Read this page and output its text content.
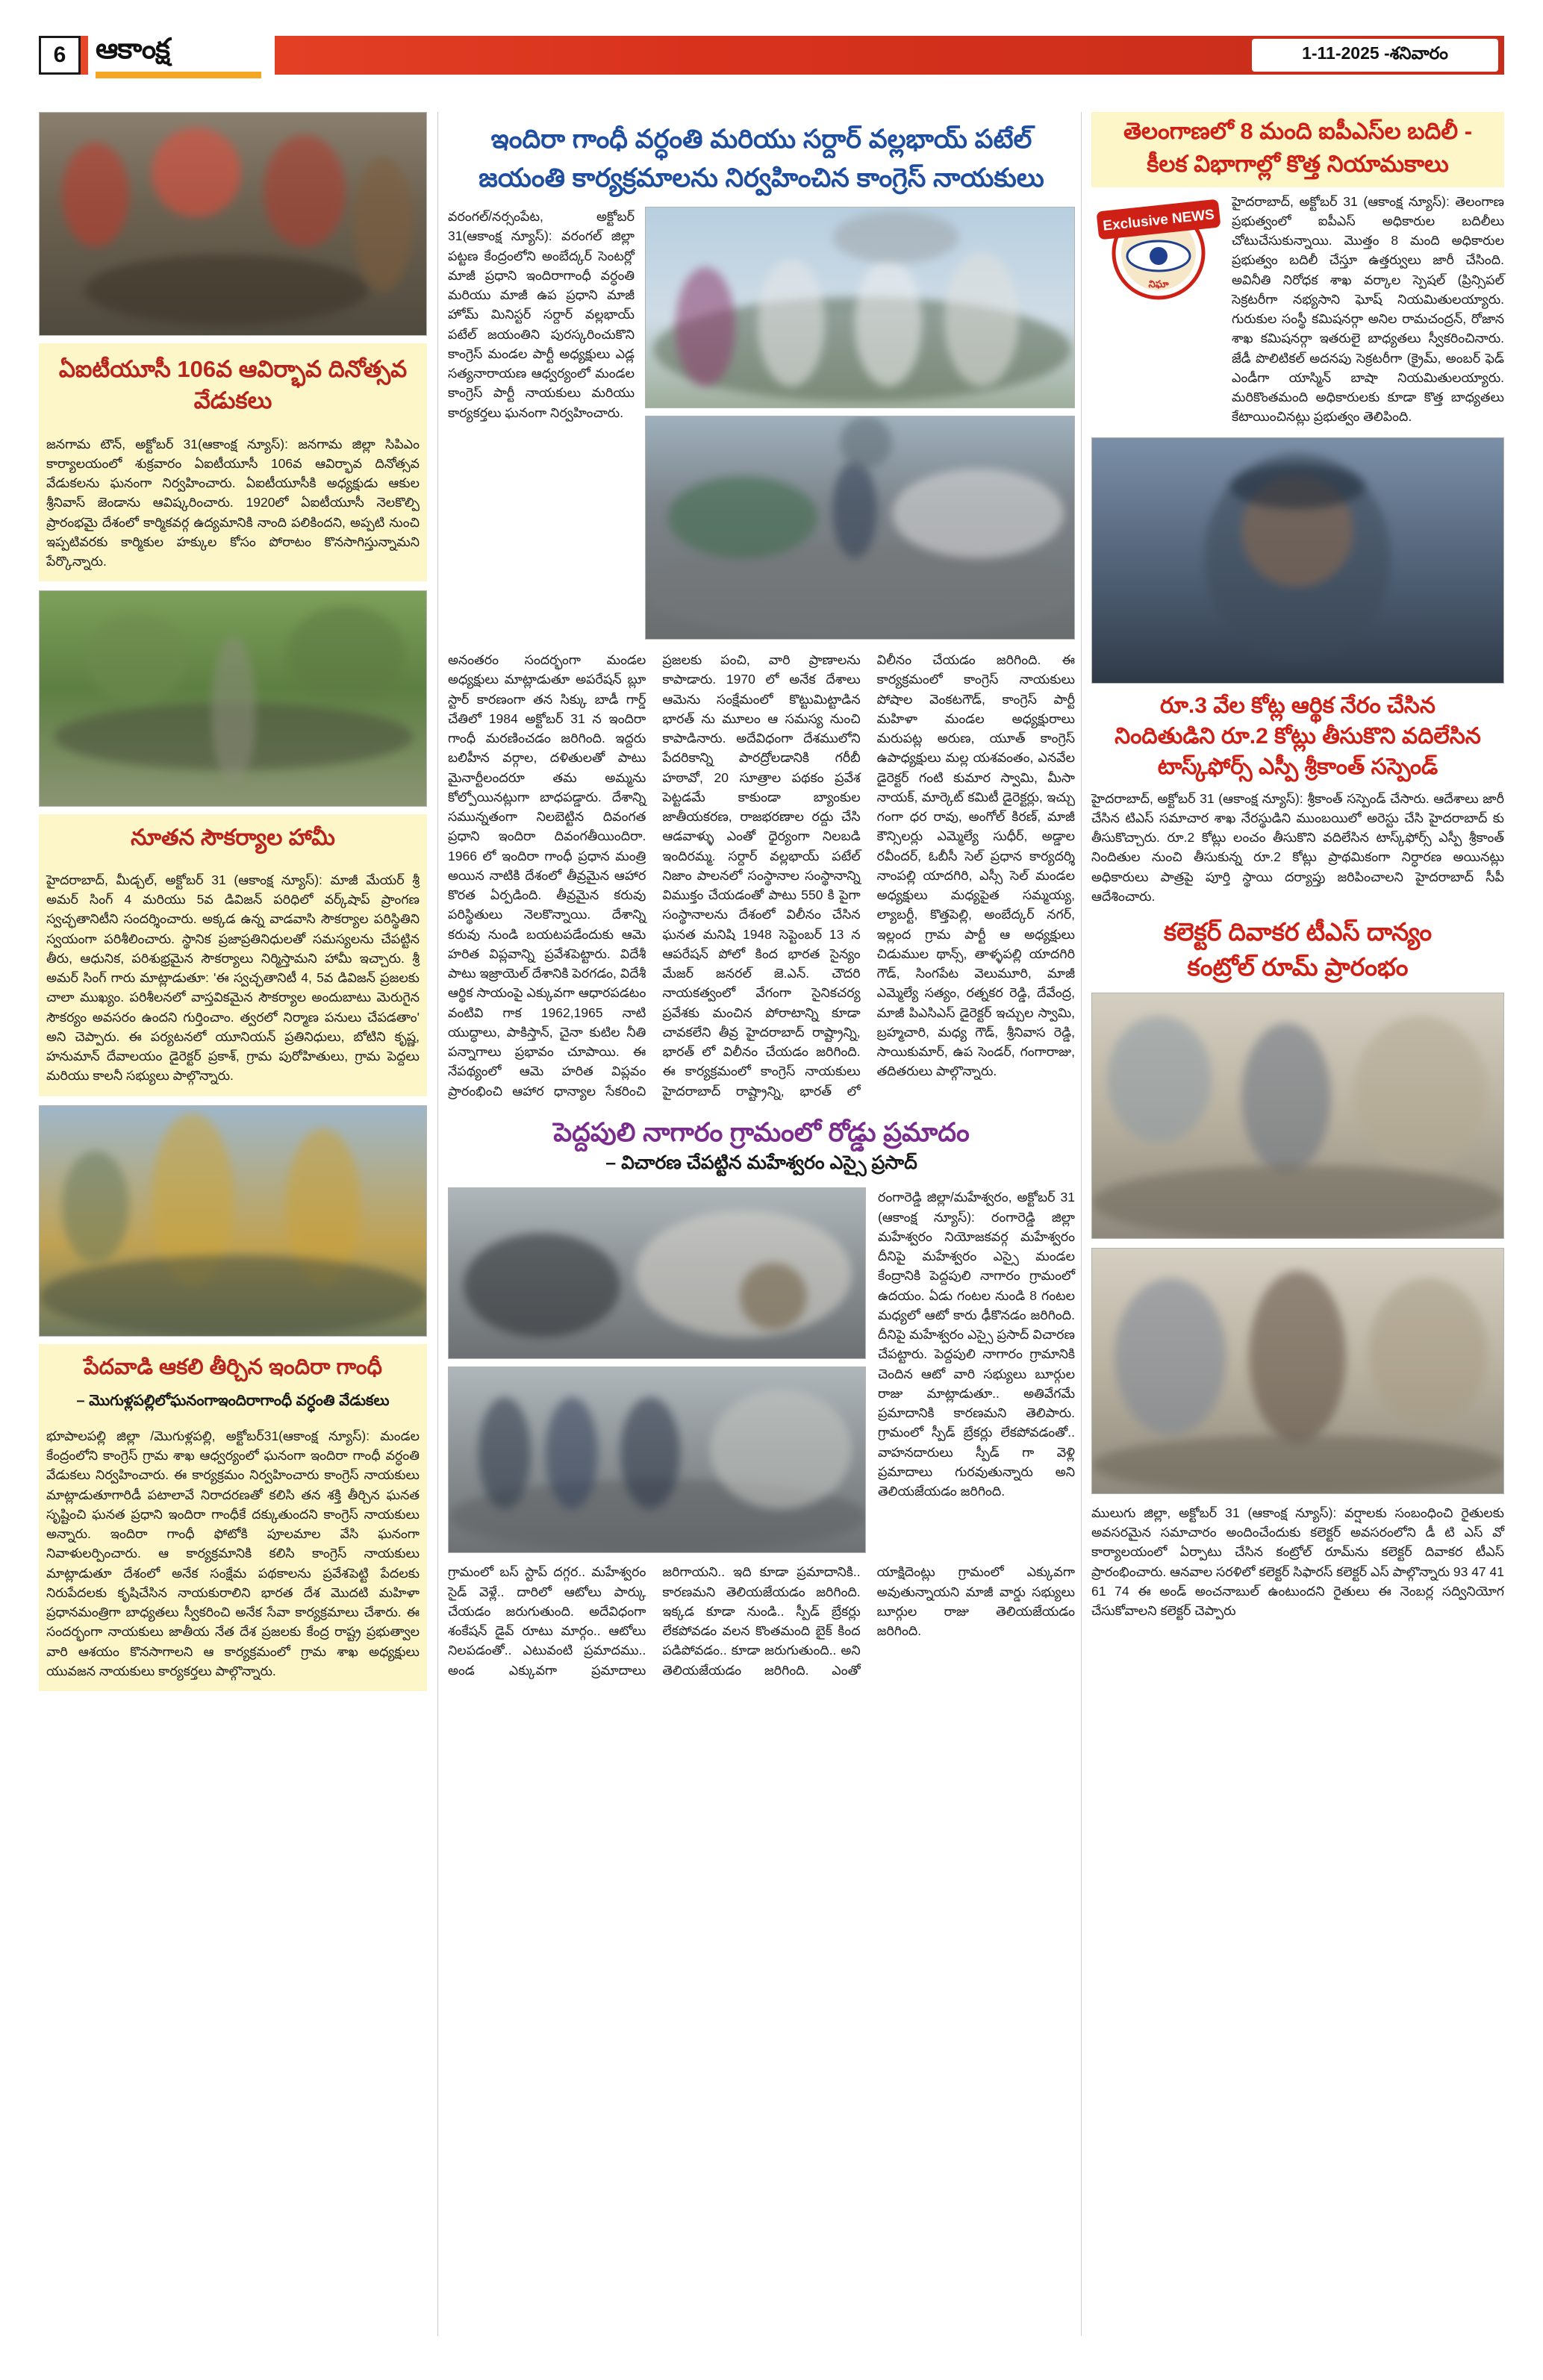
6	ఆకాంక్ష	1-11-2025 -శనివారం
ఏఐటీయూసీ 106వ ఆవిర్భావ దినోత్సవ వేడుకలు
జనగామ టౌన్, అక్టోబర్ 31(ఆకాంక్ష న్యూస్): జనగామ జిల్లా సిపిఎం కార్యాలయంలో శుక్రవారం ఏఐటీయూసీ 106వ ఆవిర్భావ దినోత్సవ వేడుకలను ఘనంగా నిర్వహించారు. ఏఐటీయూసీకి అధ్యక్షుడు ఆకుల శ్రీనివాస్ జెండాను ఆవిష్కరించారు. 1920లో ఏఐటీయూసీ నెలకొల్పి ప్రారంభమై దేశంలో కార్మికవర్గ ఉద్యమానికి నాంది పలికిందని, అప్పటి నుంచి ఇప్పటివరకు కార్మికుల హక్కుల కోసం పోరాటం కొనసాగిస్తున్నామని పేర్కొన్నారు.
నూతన సౌకర్యాల హామీ
హైదరాబాద్, మీడ్చల్, అక్టోబర్ 31 (ఆకాంక్ష న్యూస్): మాజీ మేయర్ శ్రీ అమర్ సింగ్ 4 మరియు 5వ డివిజన్ పరిధిలో వర్క్‌షాప్ ప్రాంగణ స్వచ్ఛతానిటీని సందర్శించారు. అక్కడ ఉన్న వాడవాసి సౌకర్యాల పరిస్థితిని స్వయంగా పరిశీలించారు. స్థానిక ప్రజాప్రతినిధులతో సమస్యలను చేపట్టిన తీరు, ఆధునిక, పరిశుభ్రమైన సౌకర్యాలు నిర్మిస్తామని హామీ ఇచ్చారు. శ్రీ అమర్ సింగ్ గారు మాట్లాడుతూ: 'ఈ స్వచ్ఛతానిటీ 4, 5వ డివిజన్ ప్రజలకు చాలా ముఖ్యం. పరిశీలనలో వాస్తవికమైన సౌకర్యాల అందుబాటు మెరుగైన సౌకర్యం అవసరం ఉందని గుర్తించాం. త్వరలో నిర్మాణ పనులు చేపడతాం' అని చెప్పారు. ఈ పర్యటనలో యూనియన్ ప్రతినిధులు, బోటిని కృష్ణ, హనుమాన్ దేవాలయం డైరెక్టర్ ప్రకాశ్, గ్రామ పురోహితులు, గ్రామ పెద్దలు మరియు కాలనీ సభ్యులు పాల్గొన్నారు.
పేదవాడి ఆకలి తీర్చిన ఇందిరా గాంధీ
– మొగుళ్లపల్లిలోఘనంగాఇందిరాగాంధీ వర్ధంతి వేడుకలు
భూపాలపల్లి జిల్లా /మొగుళ్లపల్లి, అక్టోబర్31(ఆకాంక్ష న్యూస్): మండల కేంద్రంలోని కాంగ్రెస్ గ్రామ శాఖ ఆధ్వర్యంలో ఘనంగా ఇందిరా గాంధీ వర్ధంతి వేడుకలు నిర్వహించారు. ఈ కార్యక్రమం నిర్వహించారు కాంగ్రెస్ నాయకులు మాట్లాడుతూగారిడీ పటాలావే నిరాదరణతో కలిసి తన శక్తి తీర్చిన ఘనత సృష్టించి ఘనత ప్రధాని ఇందిరా గాంధీకే దక్కుతుందని కాంగ్రెస్ నాయకులు అన్నారు. ఇందిరా గాంధీ ఫోటోకి పూలమాల వేసి ఘనంగా నివాళులర్పించారు. ఆ కార్యక్రమానికి కలిసి కాంగ్రెస్ నాయకులు మాట్లాడుతూ దేశంలో అనేక సంక్షేమ పథకాలను ప్రవేశపెట్టి పేదలకు నిరుపేదలకు కృషిచేసిన నాయకురాలిని భారత దేశ మొదటి మహిళా ప్రధానమంత్రిగా బాధ్యతలు స్వీకరించి అనేక సేవా కార్యక్రమాలు చేశారు. ఈ సందర్భంగా నాయకులు జాతీయ నేత దేశ ప్రజలకు కేంద్ర రాష్ట్ర ప్రభుత్వాల వారి ఆశయం కొనసాగాలని ఆ కార్యక్రమంలో గ్రామ శాఖ అధ్యక్షులు యువజన నాయకులు కార్యకర్తలు పాల్గొన్నారు.
ఇందిరా గాంధీ వర్ధంతి మరియు సర్దార్ వల్లభాయ్ పటేల్
జయంతి కార్యక్రమాలను నిర్వహించిన కాంగ్రెస్ నాయకులు
వరంగల్/నర్సంపేట, అక్టోబర్ 31(ఆకాంక్ష న్యూస్): వరంగల్ జిల్లా పట్టణ కేంద్రంలోని అంబేద్కర్ సెంటర్లో మాజీ ప్రధాని ఇందిరాగాంధీ వర్ధంతి మరియు మాజీ ఉప ప్రధాని మాజీ హోమ్ మినిస్టర్ సర్దార్ వల్లభాయ్ పటేల్ జయంతిని పురస్కరించుకొని కాంగ్రెస్ మండల పార్టీ అధ్యక్షులు ఎడ్ల సత్యనారాయణ ఆధ్వర్యంలో మండల కాంగ్రెస్ పార్టీ నాయకులు మరియు కార్యకర్తలు ఘనంగా నిర్వహించారు.
అనంతరం సందర్భంగా మండల అధ్యక్షులు మాట్లాడుతూ అపరేషన్ బ్లూ స్టార్ కారణంగా తన సిక్కు బాడీ గార్డ్ చేతిలో 1984 అక్టోబర్ 31 న ఇందిరా గాంధీ మరణించడం జరిగింది. ఇద్దరు బలిహీన వర్గాల, దళితులతో పాటు మైనార్టీలందరూ తమ అమ్మను కోల్పోయినట్లుగా బాధపడ్డారు. దేశాన్ని సమున్నతంగా నిలబెట్టిన దివంగత ప్రధాని ఇందిరా దివంగతీయిందిరా. 1966 లో ఇందిరా గాంధీ ప్రధాన మంత్రి అయిన నాటికి దేశంలో తీవ్రమైన ఆహార కొరత ఏర్పడింది. తీవ్రమైన కరువు పరిస్థితులు నెలకొన్నాయి. దేశాన్ని కరువు నుండి బయటపడేందుకు ఆమె హరిత విప్లవాన్ని ప్రవేశపెట్టారు. విదేశీ పాటు ఇజ్రాయెల్ దేశానికి పెరగడం, విదేశీ ఆర్థిక సాయంపై ఎక్కువగా ఆధారపడటం వంటివి గాక 1962,1965 నాటి యుద్ధాలు, పాకిస్తాన్, చైనా కుటిల నీతి పన్నాగాలు ప్రభావం చూపాయి. ఈ నేపథ్యంలో ఆమె హరిత విప్లవం ప్రారంభించి ఆహార ధాన్యాల సేకరించి ప్రజలకు పంచి, వారి ప్రాణాలను కాపాడారు. 1970 లో అనేక దేశాలు ఆమెను సంక్షేమంలో కొట్టుమిట్టాడిన భారత్ ను మూలం ఆ సమస్య నుంచి కాపాడినారు. అదేవిధంగా దేశములోని పేదరికాన్ని పారద్రోలడానికి గరీబీ హఠావో, 20 సూత్రాల పథకం ప్రవేశ పెట్టడమే కాకుండా బ్యాంకుల జాతీయకరణ, రాజభరణాల రద్దు చేసి ఆడవాళ్ళు ఎంతో ధైర్యంగా నిలబడి ఇందిరమ్మ. సర్దార్ వల్లభాయ్ పటేల్ నిజాం పాలనలో సంస్థానాల సంస్థానాన్ని విముక్తం చేయడంతో పాటు 550 కి పైగా సంస్థానాలను దేశంలో విలీనం చేసిన ఘనత మనిషి 1948 సెప్టెంబర్ 13 న ఆపరేషన్ పోలో కింద భారత సైన్యం మేజర్ జనరల్ జె.ఎన్. చౌదరి నాయకత్వంలో వేగంగా సైనికచర్య ప్రవేశకు మంచిన పోరాటాన్ని కూడా చావకలేని తీవ్ర హైదరాబాద్ రాష్ట్రాన్ని, భారత్ లో విలీనం చేయడం జరిగింది. ఈ కార్యక్రమంలో కాంగ్రెస్ నాయకులు హైదరాబాద్ రాష్ట్రాన్ని, భారత్ లో విలీనం చేయడం జరిగింది. ఈ కార్యక్రమంలో కాంగ్రెస్ నాయకులు పోషాల వెంకటగౌడ్, కాంగ్రెస్ పార్టీ మహిళా మండల అధ్యక్షురాలు మరుపట్ల అరుణ, యూత్ కాంగ్రెస్ ఉపాధ్యక్షులు మల్ల యశవంతం, ఎనవేల డైరెక్టర్ గంటి కుమార స్వామి, మీసా నాయక్, మార్కెట్ కమిటీ డైరెక్టర్లు, ఇచ్చు గంగా ధర రావు, అంగోల్ కిరణ్, మాజీ కౌన్సిలర్లు ఎమ్మెల్యే సుధీర్, అడ్డాల రవీందర్, ఓబీసీ సెల్ ప్రధాన కార్యదర్శి నాంపల్లి యాదగిరి, ఎస్సీ సెల్ మండల అధ్యక్షులు మధ్యపైత సమ్మయ్య, ల్యాబర్టీ, కొత్తపెల్లి, అంబేద్కర్ నగర్, ఇల్లంద గ్రామ పార్టీ ఆ అధ్యక్షులు చిడుముల థాన్స్, తాళ్ళపల్లి యాదగిరి గౌడ్, సింగపేట వెలుమూరి, మాజీ ఎమ్మెల్యే సత్యం, రత్నకర రెడ్డి, దేవేంద్ర, మాజీ పిఎసిఎస్ డైరెక్టర్ ఇచ్చుల స్వామి, బ్రహ్మచారి, మధ్య గౌడ్, శ్రీనివాస రెడ్డి, సాయికుమార్, ఉప సెండర్, గంగారాజు, తదితరులు పాల్గొన్నారు.
పెద్దపులి నాగారం గ్రామంలో రోడ్డు ప్రమాదం
– విచారణ చేపట్టిన మహేశ్వరం ఎస్సై ప్రసాద్
రంగారెడ్డి జిల్లా/మహేశ్వరం, అక్టోబర్ 31 (ఆకాంక్ష న్యూస్): రంగారెడ్డి జిల్లా మహేశ్వరం నియోజకవర్గ మహేశ్వరం దీనిపై మహేశ్వరం ఎస్సై మండల కేంద్రానికి పెద్దపులి నాగారం గ్రామంలో ఉదయం. ఏడు గంటల నుండి 8 గంటల మధ్యలో ఆటో కారు ఢీకొనడం జరిగింది. దీనిపై మహేశ్వరం ఎస్సై ప్రసాద్ విచారణ చేపట్టారు. పెద్దపులి నాగారం గ్రామానికి చెందిన ఆటో వారి సభ్యులు బూర్గుల రాజు మాట్లాడుతూ.. అతివేగమే ప్రమాదానికి కారణమని తెలిపారు. గ్రామంలో స్పీడ్ బ్రేకర్లు లేకపోవడంతో.. వాహనదారులు స్పీడ్ గా వెళ్లి ప్రమాదాలు గురవుతున్నారు అని తెలియజేయడం జరిగింది.
గ్రామంలో బస్ స్టాప్ దగ్గర.. మహేశ్వరం సైడ్ వెళ్లే.. దారిలో ఆటోలు పార్కు చేయడం జరుగుతుంది. అదేవిధంగా శంకేషన్ డైవ్ రూటు మార్గం.. ఆటోలు నిలపడంతో.. ఎటువంటి ప్రమాదము.. అండ ఎక్కువగా ప్రమాదాలు జరిగాయని.. ఇది కూడా ప్రమాదానికి.. కారణమని తెలియజేయడం జరిగింది. ఇక్కడ కూడా నుండి.. స్పీడ్ బ్రేకర్లు లేకపోవడం వలన కొంతమంది బైక్ కింద పడిపోవడం.. కూడా జరుగుతుంది.. అని తెలియజేయడం జరిగింది. ఎంతో యాక్షిదెంట్లు గ్రామంలో ఎక్కువగా అవుతున్నాయని మాజీ వార్డు సభ్యులు బూర్గుల రాజు తెలియజేయడం జరిగింది.
తెలంగాణలో 8 మంది ఐపీఎస్‌ల బదిలీ -
కీలక విభాగాల్లో కొత్త నియామకాలు
Exclusive NEWS
నిఘా
హైదరాబాద్, అక్టోబర్ 31 (ఆకాంక్ష న్యూస్): తెలంగాణ ప్రభుత్వంలో ఐపీఎస్ అధికారుల బదిలీలు చోటుచేసుకున్నాయి. మొత్తం 8 మంది అధికారుల ప్రభుత్వం బదిలీ చేస్తూ ఉత్తర్వులు జారీ చేసింది. అవినీతి నిరోధక శాఖ వర్కాల స్పెషల్ (ప్రిన్సిపల్ సెక్రటరీగా నభ్యసాని ఘోష్ నియమితులయ్యారు. గురుకుల సంస్థీ కమిషనర్గా అనిల ​రామచంద్రన్, రోజాన శాఖ కమిషనర్గా ఇతరులై బాధ్యతలు స్వీకరించినారు. జేడీ పొలిటికల్ అదనపు సెక్రటరీగా (క్రైమ్, అంబర్ ఫెడ్ ఎండీగా యాస్మిన్ బాషా నియమితులయ్యారు. మరికొంతమంది అధికారులకు కూడా కొత్త బాధ్యతలు కేటాయించినట్లు ప్రభుత్వం తెలిపింది.
రూ.3 వేల కోట్ల ఆర్థిక నేరం చేసిన
నిందితుడిని రూ.2 కోట్లు తీసుకొని వదిలేసిన
టాస్క్‌ఫోర్స్ ఎస్పీ శ్రీకాంత్ సస్పెండ్
హైదరాబాద్, అక్టోబర్ 31 (ఆకాంక్ష న్యూస్): శ్రీకాంత్ సస్పెండ్ చేసారు. ఆదేశాలు జారీ చేసిన టిఎస్ సమాచార శాఖ నేరస్థుడిని ముంబయిలో అరెస్టు చేసి హైదరాబాద్ కు తీసుకొచ్చారు. రూ.2 కోట్లు లంచం తీసుకొని వదిలేసిన టాస్క్‌ఫోర్స్ ఎస్పీ శ్రీకాంత్ నిందితుల నుంచి తీసుకున్న రూ.2 కోట్లు ప్రాథమికంగా నిర్ధారణ అయినట్లు అధికారులు పాత్రపై పూర్తి స్థాయి దర్యాప్తు జరిపించాలని హైదరాబాద్ సీపీ ఆదేశించారు.
కలెక్టర్ దివాకర టీఎస్ దాన్యం
కంట్రోల్ రూమ్ ప్రారంభం
ములుగు జిల్లా, అక్టోబర్ 31 (ఆకాంక్ష న్యూస్): వర్షాలకు సంబంధించి రైతులకు అవసరమైన సమాచారం అందించేందుకు కలెక్టర్ అవసరంలోని డీ టి ఎస్ వో కార్యాలయంలో ఏర్పాటు చేసిన కంట్రోల్ రూమ్‌ను కలెక్టర్ దివాకర టీఎస్ ప్రారంభించారు. ఆనవాల సరళిలో కలెక్టర్ సిఫారస్ కలెక్టర్ ఎస్ పాల్గొన్నారు 93 47 41 61 74 ఈ అండ్ అంచనాబుల్ ఉంటుందని రైతులు ఈ నెంబర్ల సద్వినియోగ చేసుకోవాలని కలెక్టర్ చెప్పారు
